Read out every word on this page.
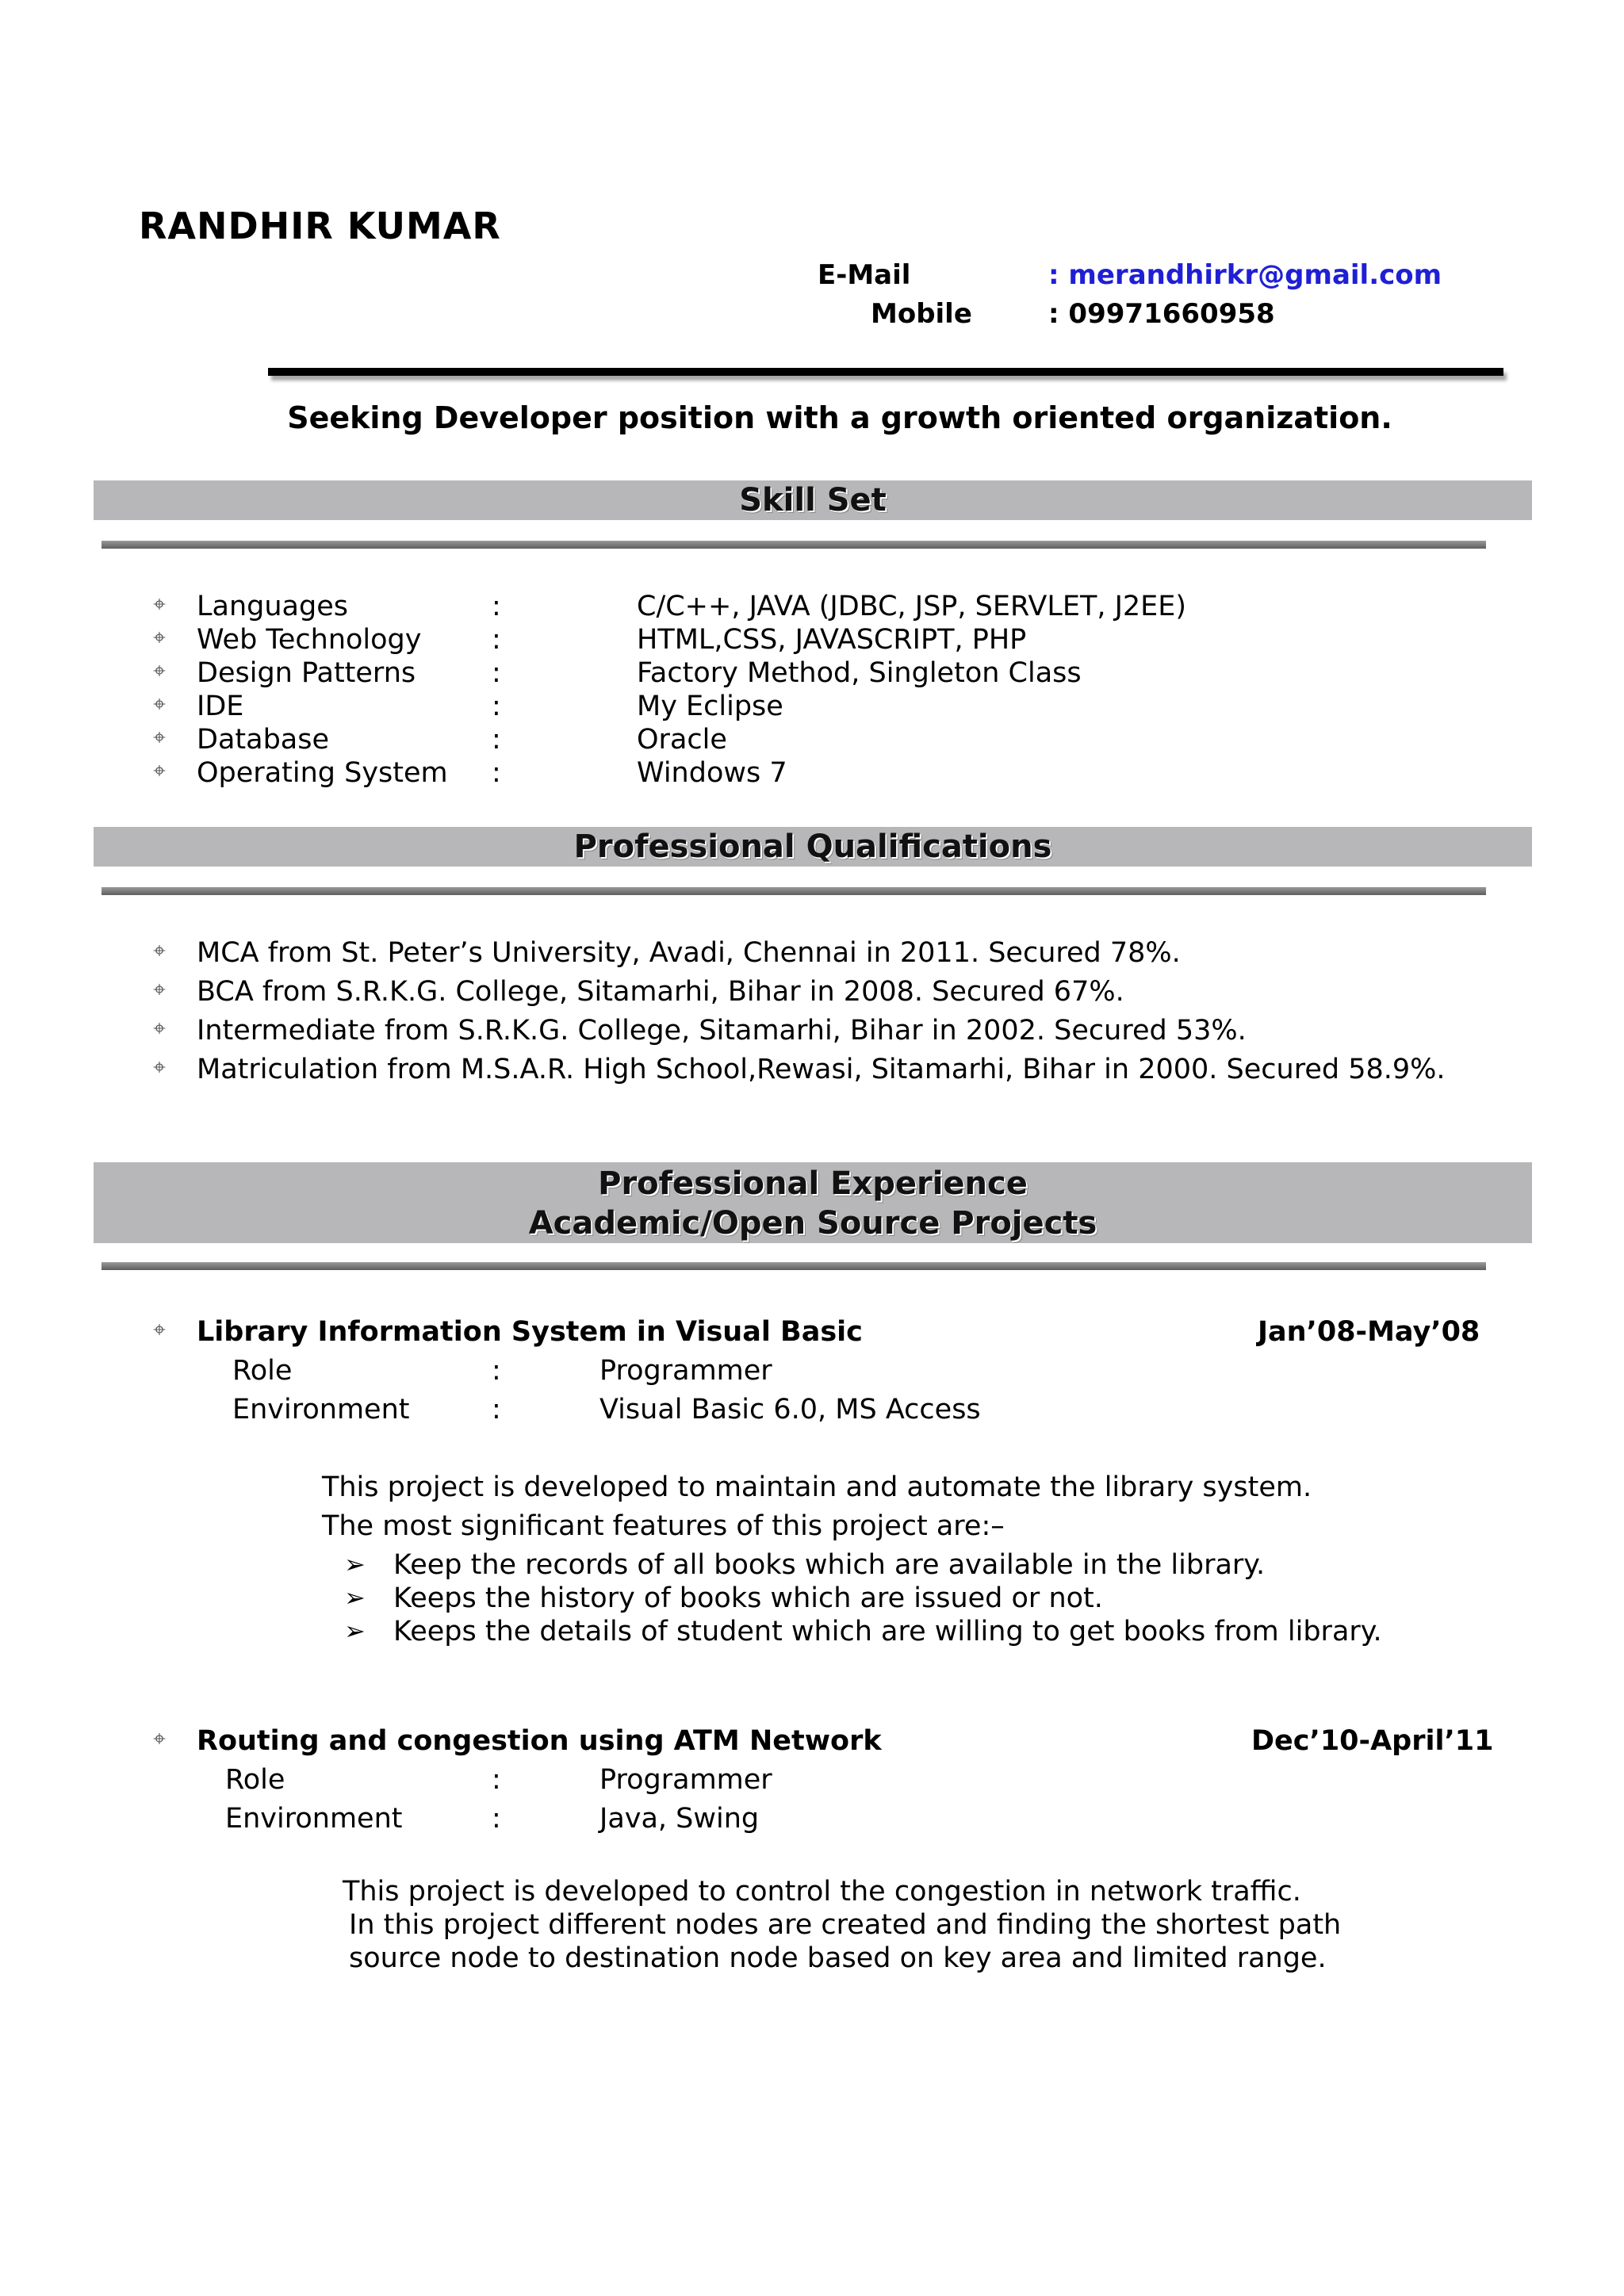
RANDHIR KUMAR
E-Mail	: merandhirkr@gmail.com
Mobile	: 09971660958
Seeking Developer position with a growth oriented organization.
Skill Set
⌖ Languages	:	C/C++, JAVA (JDBC, JSP, SERVLET, J2EE)
⌖ Web Technology	:	HTML,CSS, JAVASCRIPT, PHP
⌖ Design Patterns	:	Factory Method, Singleton Class
⌖ IDE	:	My Eclipse
⌖ Database	:	Oracle
⌖ Operating System :	Windows 7
Professional Qualifications
⌖ MCA from St. Peter’s University, Avadi, Chennai in 2011. Secured 78%.
⌖ BCA from S.R.K.G. College, Sitamarhi, Bihar in 2008. Secured 67%.
⌖ Intermediate from S.R.K.G. College, Sitamarhi, Bihar in 2002. Secured 53%.
⌖ Matriculation from M.S.A.R. High School,Rewasi, Sitamarhi, Bihar in 2000. Secured 58.9%.
Professional Experience
Academic/Open Source Projects
⌖ Library Information System in Visual Basic	Jan’08-May’08
Role	:	Programmer
Environment	:	Visual Basic 6.0, MS Access
This project is developed to maintain and automate the library system.
The most significant features of this project are:–
➢ Keep the records of all books which are available in the library.
➢ Keeps the history of books which are issued or not.
➢ Keeps the details of student which are willing to get books from library.
⌖ Routing and congestion using ATM Network	Dec’10-April’11
Role	:	Programmer
Environment	:	Java, Swing
This project is developed to control the congestion in network traffic.
In this project different nodes are created and finding the shortest path
source node to destination node based on key area and limited range.
